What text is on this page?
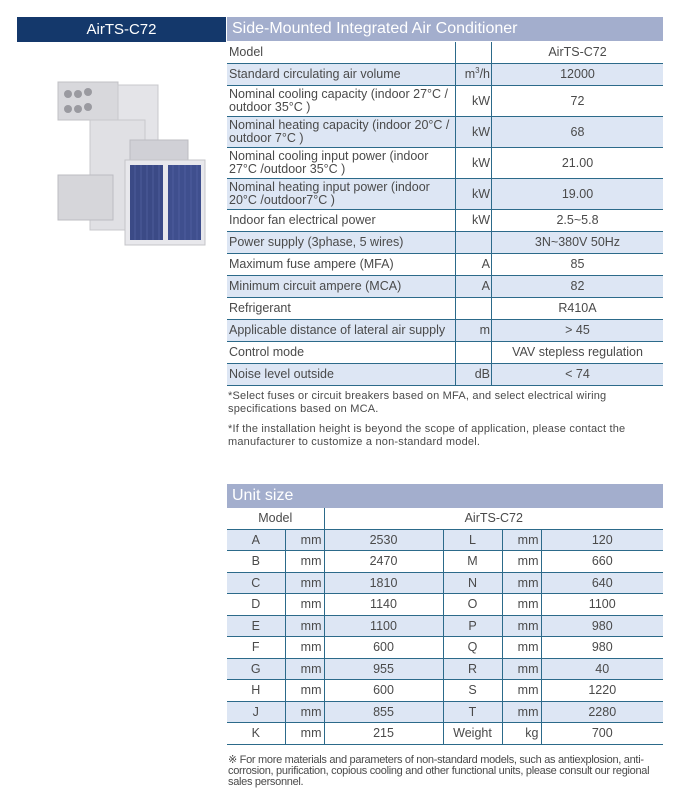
AirTS-C72	Side-Mounted Integrated Air Conditioner
Model		AirTS-C72
Standard circulating air volume	$m^3/h$	12000
Nominal cooling capacity (indoor 27°C / outdoor 35°C )	kW	72
Nominal heating capacity (indoor 20°C / outdoor 7°C )	kW	68
Nominal cooling input power (indoor 27°C /outdoor 35°C )	kW	21.00
Nominal heating input power (indoor 20°C /outdoor7°C )	kW	19.00
Indoor fan electrical power	kW	2.5~5.8
Power supply (3phase, 5 wires)		3N~380V 50Hz
Maximum fuse ampere (MFA)	A	85
Minimum circuit ampere (MCA)	A	82
Refrigerant		R410A
Applicable distance of lateral air supply	m	> 45
Control mode		VAV stepless regulation
Noise level outside	dB	< 74
*Select fuses or circuit breakers based on MFA, and select electrical wiring specifications based on MCA.
*If the installation height is beyond the scope of application, please contact the manufacturer to customize a non-standard model.
Unit size
Model		AirTS-C72			
A	mm	2530	L	mm	120
B	mm	2470	M	mm	660
C	mm	1810	N	mm	640
D	mm	1140	O	mm	1100
E	mm	1100	P	mm	980
F	mm	600	Q	mm	980
G	mm	955	R	mm	40
H	mm	600	S	mm	1220
J	mm	855	T	mm	2280
K	mm	215	Weight	kg	700
※ For more materials and parameters of non-standard models, such as antiexplosion, anti-corrosion, purification, copious cooling and other functional units, please consult our regional sales personnel.
